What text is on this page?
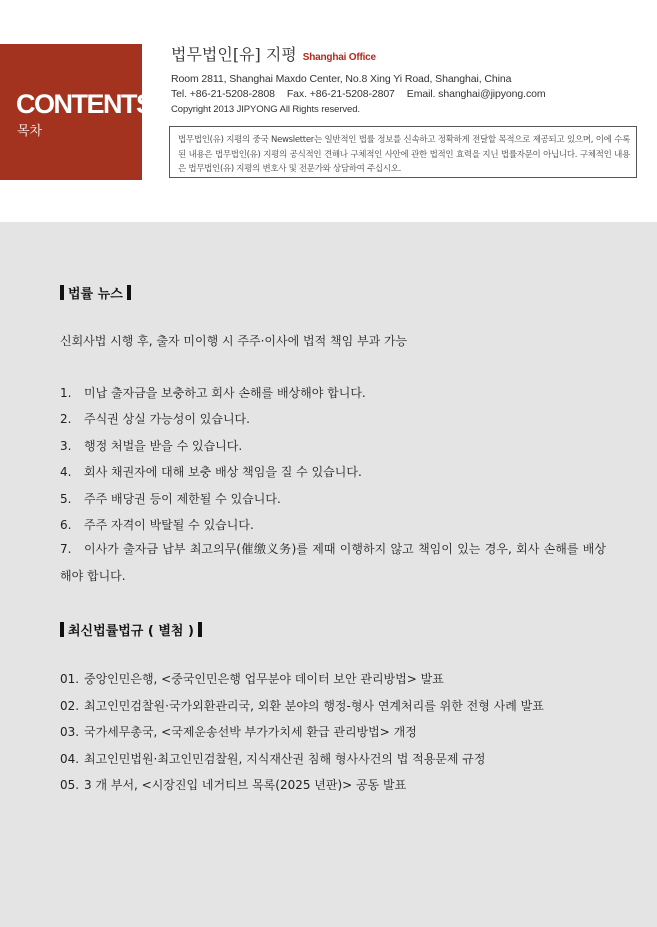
CONTENTS
목차
법무법인[유] 지평 Shanghai Office
Room 2811, Shanghai Maxdo Center, No.8 Xing Yi Road, Shanghai, China
Tel. +86-21-5208-2808 Fax. +86-21-5208-2807 Email. shanghai@jipyong.com
Copyright 2013 JIPYONG All Rights reserved.
법무법인(유) 지평의 중국 Newsletter는 일반적인 법률 정보를 신속하고 정확하게 전달할 목적으로 제공되고 있으며, 이에 수록된 내용은 법무법인(유) 지평의 공식적인 견해나 구체적인 사안에 관한 법적인 효력을 지닌 법률자문이 아닙니다. 구체적인 내용은 법무법인(유) 지평의 변호사 및 전문가와 상담하여 주십시오.
법률 뉴스
신회사법 시행 후, 출자 미이행 시 주주·이사에 법적 책임 부과 가능
1. 미납 출자금을 보충하고 회사 손해를 배상해야 합니다.
2. 주식권 상실 가능성이 있습니다.
3. 행정 처벌을 받을 수 있습니다.
4. 회사 채권자에 대해 보충 배상 책임을 질 수 있습니다.
5. 주주 배당권 등이 제한될 수 있습니다.
6. 주주 자격이 박탈될 수 있습니다.
7. 이사가 출자금 납부 최고의무(催缴义务)를 제때 이행하지 않고 책임이 있는 경우, 회사 손해를 배상해야 합니다.
최신법률법규 ( 별첨 )
01. 중앙인민은행, <중국인민은행 업무분야 데이터 보안 관리방법> 발표
02. 최고인민검찰원·국가외환관리국, 외환 분야의 행정-형사 연계처리를 위한 전형 사례 발표
03. 국가세무총국, <국제운송선박 부가가치세 환급 관리방법> 개정
04. 최고인민법원·최고인민검찰원, 지식재산권 침해 형사사건의 법 적용문제 규정
05. 3 개 부서, <시장진입 네거티브 목록(2025 년판)> 공동 발표
